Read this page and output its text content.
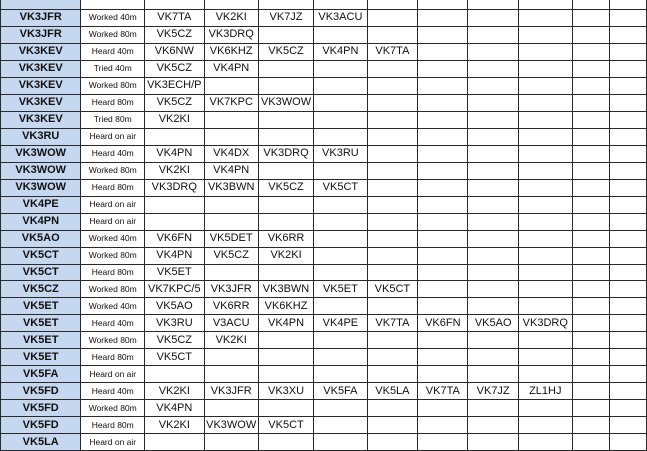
VK3JFR	Worked 40m	VK7TA	VK2KI	VK7JZ	VK3ACU						
VK3JFR	Worked 80m	VK5CZ	VK3DRQ								
VK3KEV	Heard 40m	VK6NW	VK6KHZ	VK5CZ	VK4PN	VK7TA					
VK3KEV	Tried 40m	VK5CZ	VK4PN								
VK3KEV	Worked 80m	VK3ECH/P									
VK3KEV	Heard 80m	VK5CZ	VK7KPC	VK3WOW							
VK3KEV	Tried 80m	VK2KI									
VK3RU	Heard on air										
VK3WOW	Heard 40m	VK4PN	VK4DX	VK3DRQ	VK3RU						
VK3WOW	Worked 80m	VK2KI	VK4PN								
VK3WOW	Heard 80m	VK3DRQ	VK3BWN	VK5CZ	VK5CT						
VK4PE	Heard on air										
VK4PN	Heard on air										
VK5AO	Worked 40m	VK6FN	VK5DET	VK6RR							
VK5CT	Worked 80m	VK4PN	VK5CZ	VK2KI							
VK5CT	Heard 80m	VK5ET									
VK5CZ	Worked 80m	VK7KPC/5	VK3JFR	VK3BWN	VK5ET	VK5CT					
VK5ET	Worked 40m	VK5AO	VK6RR	VK6KHZ							
VK5ET	Heard 40m	VK3RU	V3ACU	VK4PN	VK4PE	VK7TA	VK6FN	VK5AO	VK3DRQ		
VK5ET	Worked 80m	VK5CZ	VK2KI								
VK5ET	Heard 80m	VK5CT									
VK5FA	Heard on air										
VK5FD	Heard 40m	VK2KI	VK3JFR	VK3XU	VK5FA	VK5LA	VK7TA	VK7JZ	ZL1HJ		
VK5FD	Worked 80m	VK4PN									
VK5FD	Heard 80m	VK2KI	VK3WOW	VK5CT							
VK5LA	Heard on air										
